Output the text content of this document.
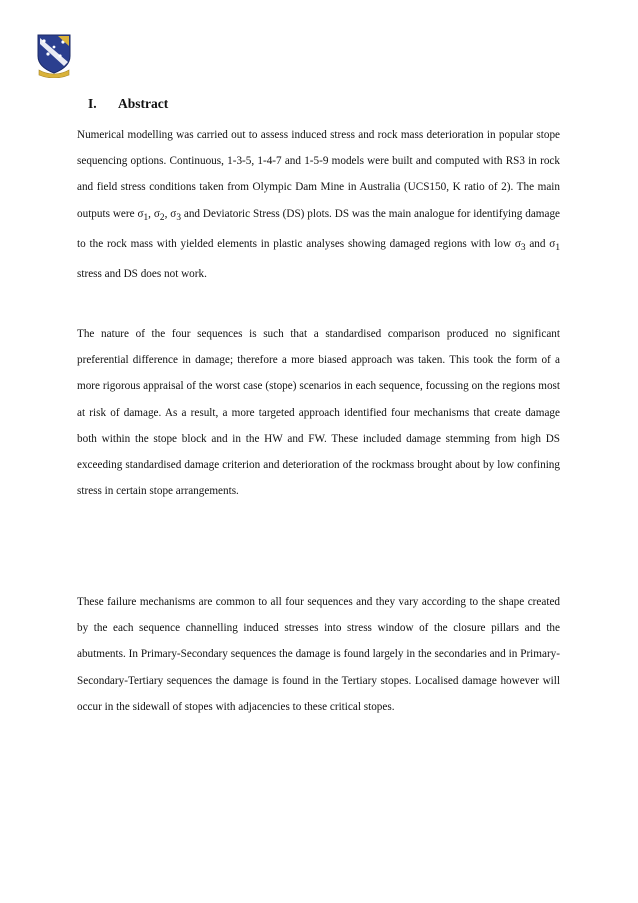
I. Abstract

Numerical modelling was carried out to assess induced stress and rock mass deterioration in popular stope sequencing options. Continuous, 1-3-5, 1-4-7 and 1-5-9 models were built and computed with RS3 in rock and field stress conditions taken from Olympic Dam Mine in Australia (UCS150, K ratio of 2). The main outputs were $\sigma_1$, $\sigma_2$, $\sigma_3$ and Deviatoric Stress (DS) plots. DS was the main analogue for identifying damage to the rock mass with yielded elements in plastic analyses showing damaged regions with low $\sigma_3$ and $\sigma_1$ stress and DS does not work.

The nature of the four sequences is such that a standardised comparison produced no significant preferential difference in damage; therefore a more biased approach was taken. This took the form of a more rigorous appraisal of the worst case (stope) scenarios in each sequence, focussing on the regions most at risk of damage. As a result, a more targeted approach identified four mechanisms that create damage both within the stope block and in the HW and FW. These included damage stemming from high DS exceeding standardised damage criterion and deterioration of the rockmass brought about by low confining stress in certain stope arrangements.

These failure mechanisms are common to all four sequences and they vary according to the shape created by the each sequence channelling induced stresses into stress window of the closure pillars and the abutments. In Primary-Secondary sequences the damage is found largely in the secondaries and in Primary-Secondary-Tertiary sequences the damage is found in the Tertiary stopes. Localised damage however will occur in the sidewall of stopes with adjacencies to these critical stopes.
